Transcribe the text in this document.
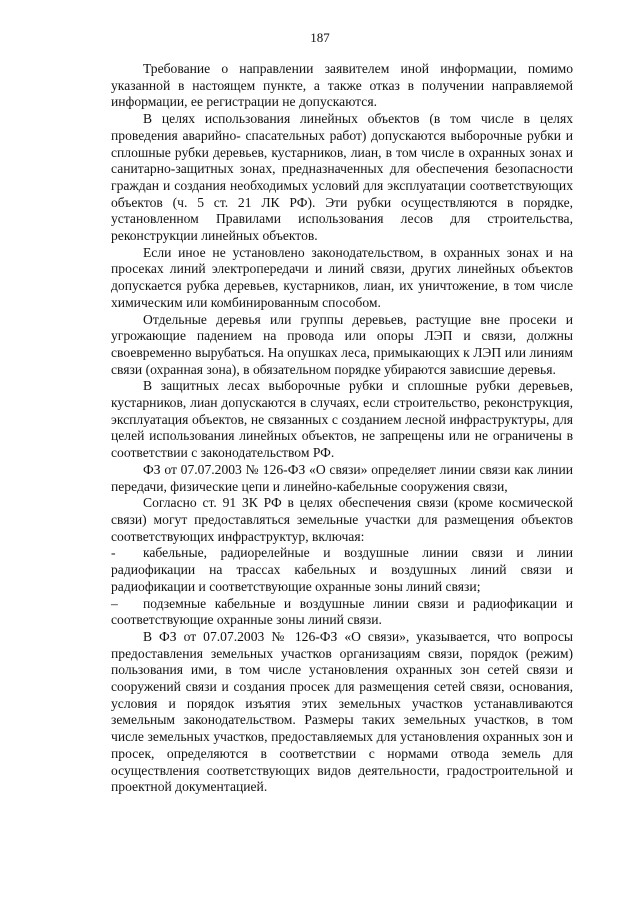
187

Требование о направлении заявителем иной информации, помимо указанной в настоящем пункте, а также отказ в получении направляемой информации, ее регистрации не допускаются.

В целях использования линейных объектов (в том числе в целях проведения аварийно- спасательных работ) допускаются выборочные рубки и сплошные рубки деревьев, кустарников, лиан, в том числе в охранных зонах и санитарно-защитных зонах, предназначенных для обеспечения безопасности граждан и создания необходимых условий для эксплуатации соответствующих объектов (ч. 5 ст. 21 ЛК РФ). Эти рубки осуществляются в порядке, установленном Правилами использования лесов для строительства, реконструкции линейных объектов.

Если иное не установлено законодательством, в охранных зонах и на просеках линий электропередачи и линий связи, других линейных объектов допускается рубка деревьев, кустарников, лиан, их уничтожение, в том числе химическим или комбинированным способом.

Отдельные деревья или группы деревьев, растущие вне просеки и угрожающие падением на провода или опоры ЛЭП и связи, должны своевременно вырубаться. На опушках леса, примыкающих к ЛЭП или линиям связи (охранная зона), в обязательном порядке убираются зависшие деревья.

В защитных лесах выборочные рубки и сплошные рубки деревьев, кустарников, лиан допускаются в случаях, если строительство, реконструкция, эксплуатация объектов, не связанных с созданием лесной инфраструктуры, для целей использования линейных объектов, не запрещены или не ограничены в соответствии с законодательством РФ.

ФЗ от 07.07.2003 № 126-ФЗ «О связи» определяет линии связи как линии передачи, физические цепи и линейно-кабельные сооружения связи,

Согласно ст. 91 ЗК РФ в целях обеспечения связи (кроме космической связи) могут предоставляться земельные участки для размещения объектов соответствующих инфраструктур, включая:

- кабельные, радиорелейные и воздушные линии связи и линии радиофикации на трассах кабельных и воздушных линий связи и радиофикации и соответствующие охранные зоны линий связи;

– подземные кабельные и воздушные линии связи и радиофикации и соответствующие охранные зоны линий связи.

В ФЗ от 07.07.2003 № 126-ФЗ «О связи», указывается, что вопросы предоставления земельных участков организациям связи, порядок (режим) пользования ими, в том числе установления охранных зон сетей связи и сооружений связи и создания просек для размещения сетей связи, основания, условия и порядок изъятия этих земельных участков устанавливаются земельным законодательством. Размеры таких земельных участков, в том числе земельных участков, предоставляемых для установления охранных зон и просек, определяются в соответствии с нормами отвода земель для осуществления соответствующих видов деятельности, градостроительной и проектной документацией.
